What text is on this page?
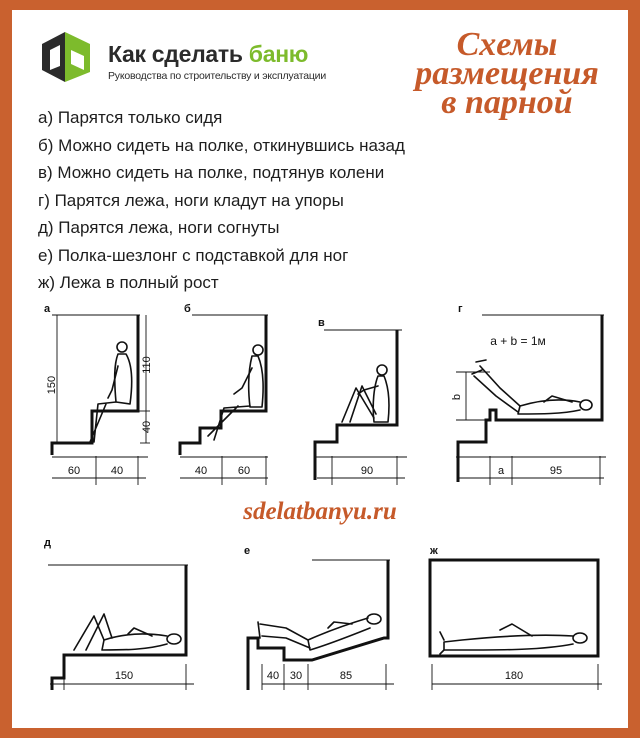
Как сделать баню
Руководства по строительству и эксплуатации
Схемы
размещения
в парной
а) Парятся только сидя
б) Можно сидеть на полке, откинувшись назад
в) Можно сидеть на полке, подтянув колени
г) Парятся лежа, ноги кладут на упоры
д) Парятся лежа, ноги согнуты
е) Полка-шезлонг с подставкой для ног
ж) Лежа в полный рост
sdelatbanyu.ru
а
150
110
40
60	40
б
40	60
в
90
г
a + b = 1м
b
a	95
д
150
е
40 30	85
ж
180
